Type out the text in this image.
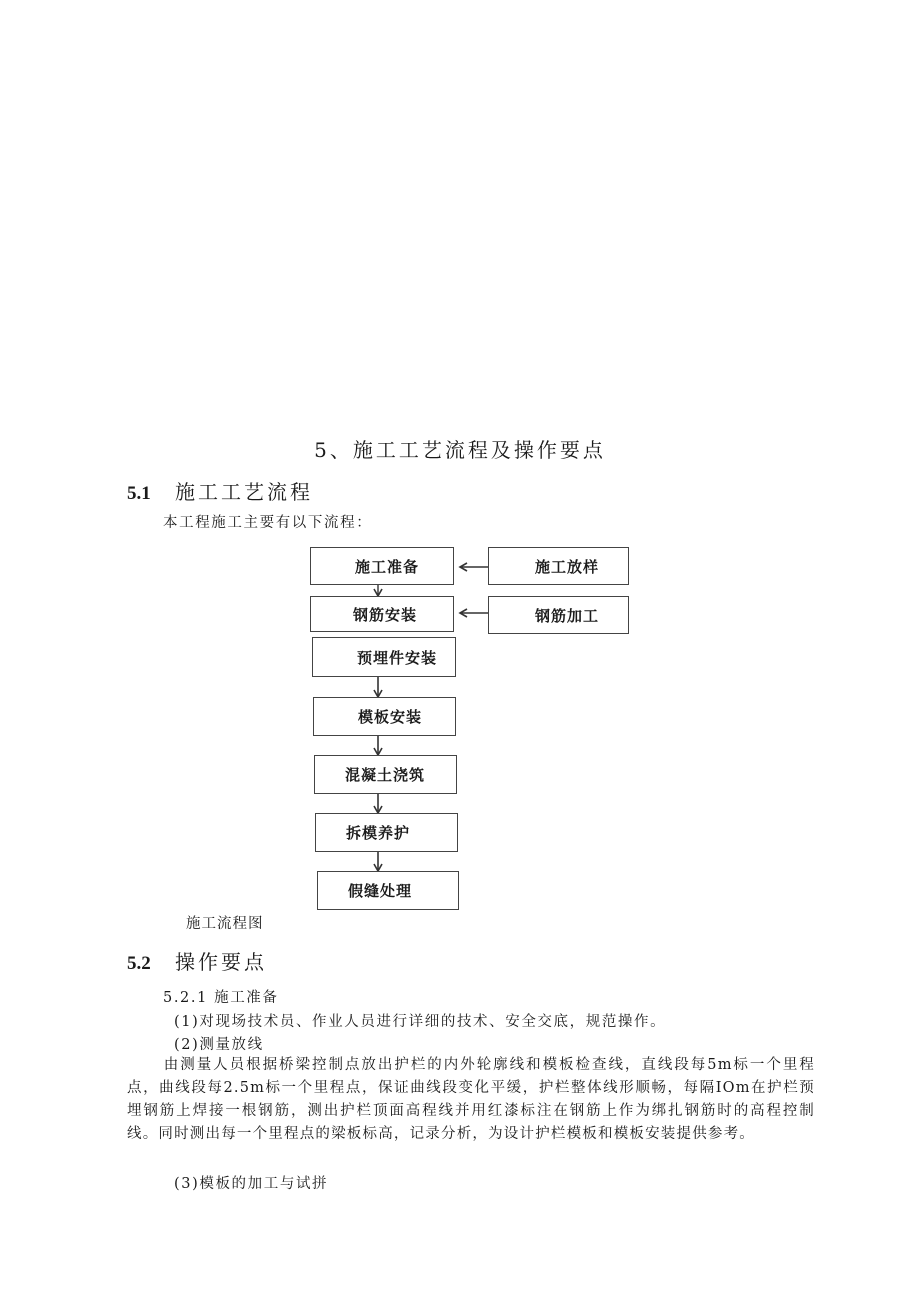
5、施工工艺流程及操作要点
5.1 施工工艺流程
本工程施工主要有以下流程：
施工准备
钢筋安装
预埋件安装
模板安装
混凝土浇筑
拆模养护
假缝处理
施工放样
钢筋加工
施工流程图
5.2 操作要点
5.2.1 施工准备
(1)对现场技术员、作业人员进行详细的技术、安全交底，规范操作。
(2)测量放线
由测量人员根据桥梁控制点放出护栏的内外轮廓线和模板检查线，直线段每5m标一个里程点，曲线段每2.5m标一个里程点，保证曲线段变化平缓，护栏整体线形顺畅，每隔IOm在护栏预埋钢筋上焊接一根钢筋，测出护栏顶面高程线并用红漆标注在钢筋上作为绑扎钢筋时的高程控制线。同时测出每一个里程点的梁板标高，记录分析，为设计护栏模板和模板安装提供参考。
(3)模板的加工与试拼
